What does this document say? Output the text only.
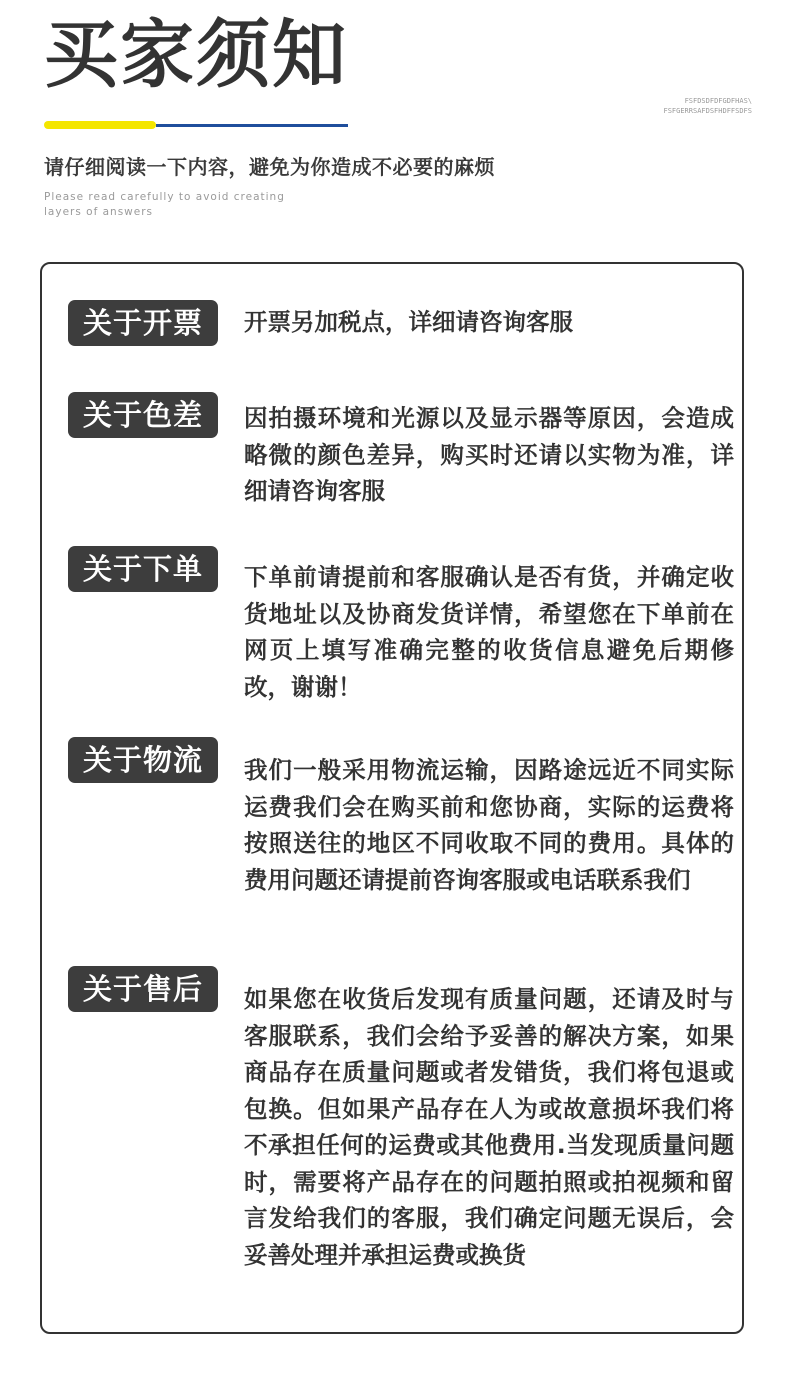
买家须知
FSFDSDFDFGDFHAS\
FSFGERRSAFDSFHDFFSDFS

请仔细阅读一下内容，避免为你造成不必要的麻烦

Please read carefully to avoid creating
layers of answers
关于开票	开票另加税点，详细请咨询客服

关于色差	因拍摄环境和光源以及显示器等原因，会造成略微的颜色差异，购买时还请以实物为准，详细请咨询客服

关于下单	下单前请提前和客服确认是否有货，并确定收货地址以及协商发货详情，希望您在下单前在网页上填写准确完整的收货信息避免后期修改，谢谢！

关于物流	我们一般采用物流运输，因路途远近不同实际运费我们会在购买前和您协商，实际的运费将按照送往的地区不同收取不同的费用。具体的费用问题还请提前咨询客服或电话联系我们

关于售后	如果您在收货后发现有质量问题，还请及时与客服联系，我们会给予妥善的解决方案，如果商品存在质量问题或者发错货，我们将包退或包换。但如果产品存在人为或故意损坏我们将不承担任何的运费或其他费用.当发现质量问题时，需要将产品存在的问题拍照或拍视频和留言发给我们的客服，我们确定问题无误后，会妥善处理并承担运费或换货
